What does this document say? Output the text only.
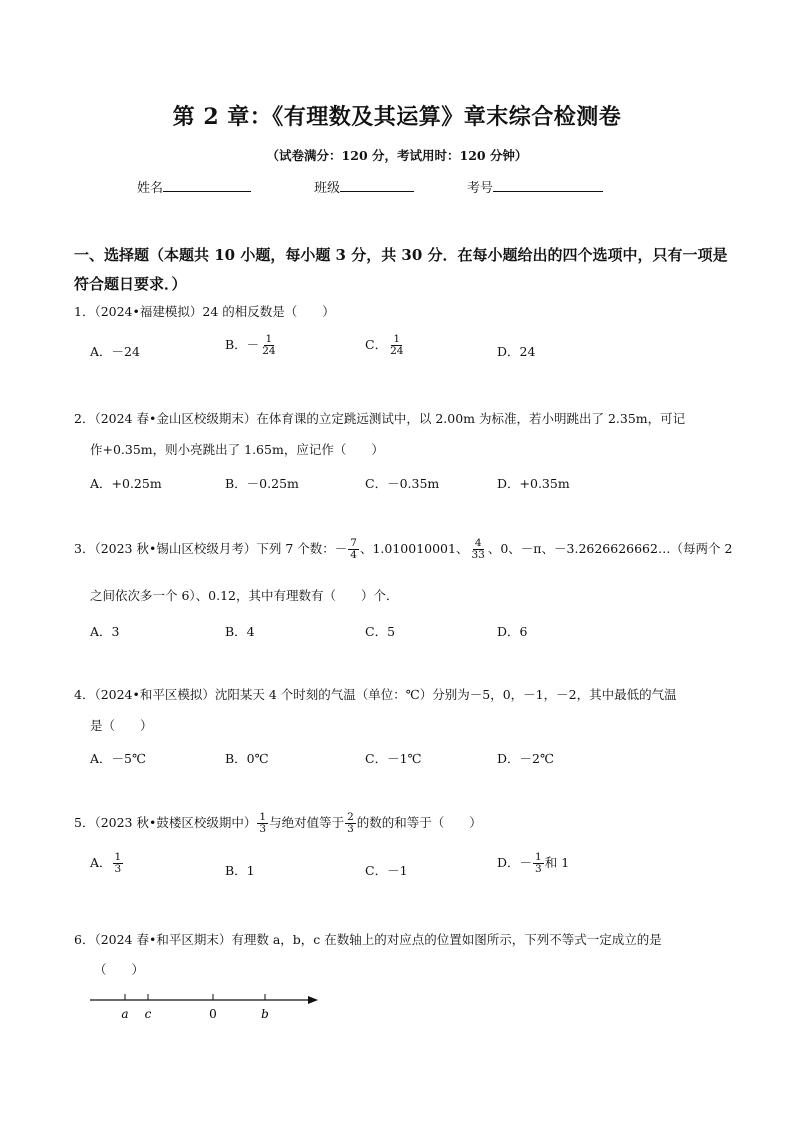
第 2 章：《有理数及其运算》章末综合检测卷
（试卷满分：120 分，考试用时：120 分钟）
姓名	班级	考号
一、选择题（本题共 10 小题，每小题 3 分，共 30 分．在每小题给出的四个选项中，只有一项是符合题日要求．）
1．（2024•福建模拟）24 的相反数是（　　）
A．－24	B．－ $\frac{1}{24}$	C． $\frac{1}{24}$	D．24
2．（2024 春•金山区校级期末）在体育课的立定跳远测试中，以 2.00m 为标准，若小明跳出了 2.35m，可记
作+0.35m，则小亮跳出了 1.65m，应记作（　　）
A．+0.25m	B．－0.25m	C．－0.35m	D．+0.35m
3．（2023 秋•锡山区校级月考）下列 7 个数：－ $\frac{7}{4}$ 、1.010010001、 $\frac{4}{33}$ 、0、－π、－3.2626626662…（每两个 2
之间依次多一个 6）、0.12，其中有理数有（　　）个．
A．3	B．4	C．5	D．6
4．（2024•和平区模拟）沈阳某天 4 个时刻的气温（单位：℃）分别为－5，0，－1，－2，其中最低的气温
是（　　）
A．－5℃	B．0℃	C．－1℃	D．－2℃
5．（2023 秋•鼓楼区校级期中） $\frac{1}{3}$ 与绝对值等于 $\frac{2}{3}$ 的数的和等于（　　）
A． $\frac{1}{3}$	B．1	C．－1
D．－ $\frac{1}{3}$ 和 1
6．（2024 春•和平区期末）有理数 a，b，c 在数轴上的对应点的位置如图所示，下列不等式一定成立的是
（　　）
a c	0	b
